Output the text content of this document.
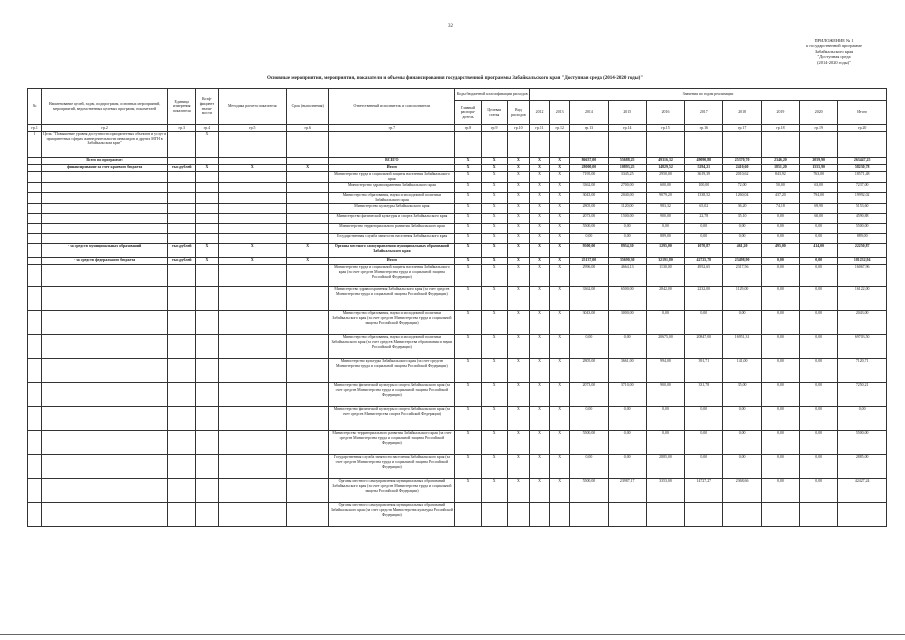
32
ПРИЛОЖЕНИЕ № 1
к государственной программе
Забайкальского края
"Доступная среда
(2014-2020 годы)"
Основные мероприятия, мероприятия, показатели и объемы финансирования государственной программы Забайкальского края "Доступная среда (2014-2020 годы)"
№	Наименование целей, задач, подпрограмм, основных мероприятий, мероприятий, ведомственных целевых программ, показателей	Единица измерения показателя	Коэф-фициент значи-мости	Методика расчета показателя	Срок (выполнения)	Ответственный исполнитель и соисполнители	Коды бюджетной классификации расходов			Значения по годам реализации									
							Главный распоря-дитель	Целевая статья	Вид расходов	2012	2013	2014	2015	2016	2017	2018	2019	2020	Итого
гр.1	гр.2	гр.3	гр.4	гр.5	гр.6	гр.7	гр.8	гр.9	гр.10	гр.11	гр.12	гр.13	гр.14	гр.15	гр.16	гр.17	гр.18	гр.19	гр.20
1	Цель: "Повышение уровня доступности приоритетных объектов и услуг в приоритетных сферах жизнедеятельности инвалидов и других МГН в Забайкальском крае"		X																
	Всего по программе:					ВСЕГО	X	X	X	X	X	86637,00	55688,25	49316,32	49090,88	25370,70	2346,20	2059,90	263447,25
	финансирование за счет краевого бюджета	тыс.рублей	X	X	X	Итого	X	X	X	X	X	28000,00	10893,25	14829,52	5294,21	2410,60	1851,20	1555,90	58230,78
						Министерство труда и социальной защиты населения Забайкальского края	X	X	X	X	X	7195,00	3345,25	2950,00	3619,39	2010,62	843,92	763,00	18571,48
						Министерство здравоохранения Забайкальского края	X	X	X	X	X	3362,00	2700,00	600,00	100,00	72,00	50,00	63,00	7237,00
						Министерство образования, науки и молодежной политики Забайкальского края	X	X	X	X	X	3043,00	2040,00	9079,20	1338,52	1260,04	437,20	794,00	19992,02
						Министерство культуры Забайкальского края	X	X	X	X	X	2805,00	1120,00	983,32	65,02	36,20	74,18	69,90	5153,60
						Министерство физической культуры и спорта Забайкальского края	X	X	X	X	X	2073,00	1500,00	900,00	22,78	35,10	0,00	60,00	4590,88
						Министерство территориального развития Забайкальского края	X	X	X	X	X	5500,00	0,00	0,00	0,00	0,00	0,00	0,00	5500,00
						Государственная служба занятости населения Забайкальского края	X	X	X	X	X	0,00	0,00	889,00	0,00	0,00	0,00	0,00	889,00
	- за средств муниципальных образований	тыс.рублей	X	X	X	Органы местного самоуправления муниципальных образований Забайкальского края	X	X	X	X	X	9500,00	8954,30	1295,00	1070,87	461,20	495,00	414,00	22250,87
	- за средств федерального бюджета	тыс.рублей	X	X	X	Итого	X	X	X	X	X	25137,00	35690,30	32191,80	42725,78	23498,90	0,00	0,00	181232,94
						Министерство труда и социальной защиты населения Забайкальского края (за счет средств Министерства труда и социальной защиты Российской Федерации)	X	X	X	X	X	2996,00	4664,13	1130,00	4952,65	2317,56	0,00	0,00	16067,96
						Министерство здравоохранения Забайкальского края (за счет средств Министерства труда и социальной защиты Российской Федерации)	X	X	X	X	X	3362,00	6500,00	2842,00	2232,00	1129,00	0,00	0,00	16122,00
						Министерство образования, науки и молодежной политики Забайкальского края (за счет средств Министерства труда и социальной защиты Российской Федерации)	X	X	X	X	X	3043,00	3000,00	0,00	0,00	0,00	0,00	0,00	2043,00
						Министерство образования, науки и молодежной политики Забайкальского края (за счет средств Министерства образования и науки Российской Федерации)	X	X	X	X	X	0,00	0,00	20675,00	20847,00	16951,31	0,00	0,00	69703,50
						Министерство культуры Забайкальского края (за счет средств Министерства труда и социальной защиты Российской Федерации)	X	X	X	X	X	2805,00	3661,00	994,00	391,71	141,00	0,00	0,00	7120,71
						Министерство физической культуры и спорта Забайкальского края (за счет средств Министерства труда и социальной защиты Российской Федерации)	X	X	X	X	X	2073,00	3710,00	900,00	331,78	35,00	0,00	0,00	7250,21
						Министерство физической культуры и спорта Забайкальского края (за счет средств Министерства спорта Российской Федерации)	X	X	X	X	X	0,00	0,00	0,00	0,00	0,00	0,00	0,00	0,00
						Министерство территориального развития Забайкальского края (за счет средств Министерства труда и социальной защиты Российской Федерации)	X	X	X	X	X	5500,00	0,00	0,00	0,00	0,00	0,00	0,00	5500,00
						Государственная служба занятости населения Забайкальского края (за счет средств Министерства труда и социальной защиты Российской Федерации)	X	X	X	X	X	0,00	0,00	2885,00	0,00	0,00	0,00	0,00	2885,00
						Органы местного самоуправления муниципальных образований Забайкальского края (за счет средств Министерства труда и социальной защиты Российской Федерации)	X	X	X	X	X	5500,00	23987,17	3353,00	14727,27	2368,66	0,00	0,00	42427,24
						Органы местного самоуправления муниципальных образований Забайкальского края (за счет средств Министерства культуры Российской Федерации)													
